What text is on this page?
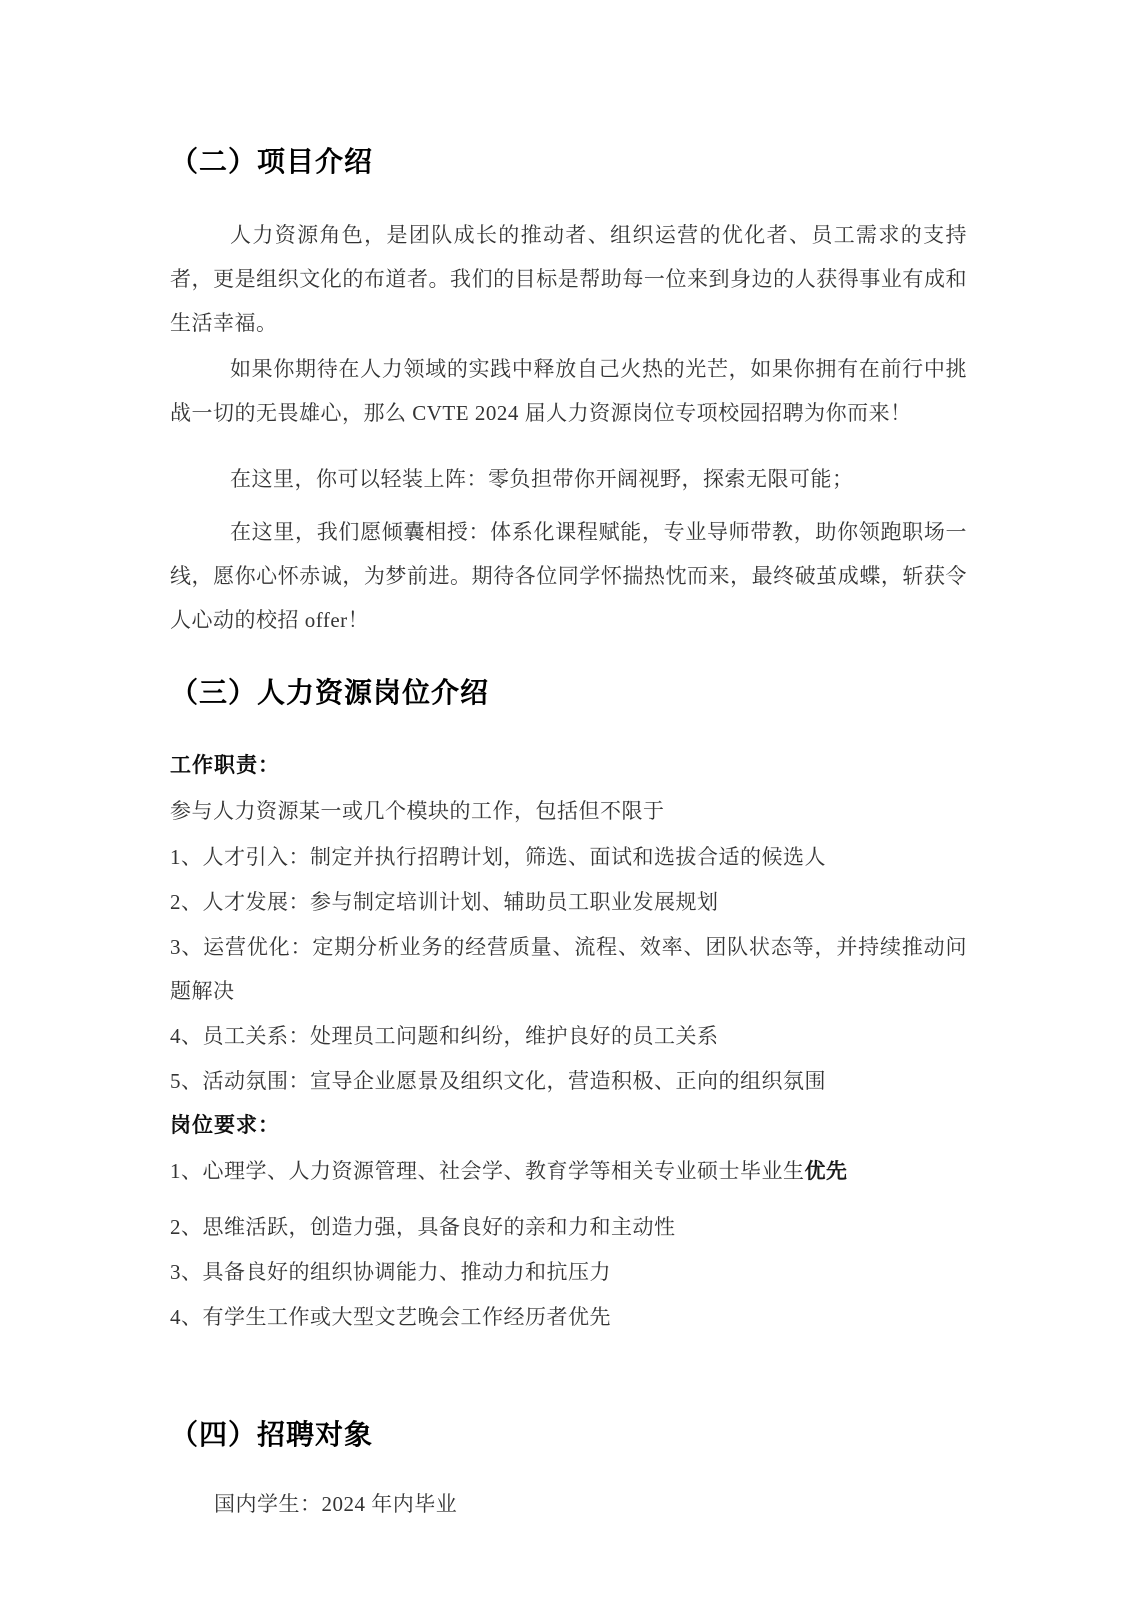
（二）项目介绍

人力资源角色，是团队成长的推动者、组织运营的优化者、员工需求的支持者，更是组织文化的布道者。我们的目标是帮助每一位来到身边的人获得事业有成和生活幸福。

如果你期待在人力领域的实践中释放自己火热的光芒，如果你拥有在前行中挑战一切的无畏雄心，那么 CVTE 2024 届人力资源岗位专项校园招聘为你而来！

在这里，你可以轻装上阵：零负担带你开阔视野，探索无限可能；

在这里，我们愿倾囊相授：体系化课程赋能，专业导师带教，助你领跑职场一线，愿你心怀赤诚，为梦前进。期待各位同学怀揣热忱而来，最终破茧成蝶，斩获令人心动的校招 offer！

（三）人力资源岗位介绍

工作职责：

参与人力资源某一或几个模块的工作，包括但不限于

1、人才引入：制定并执行招聘计划，筛选、面试和选拔合适的候选人

2、人才发展：参与制定培训计划、辅助员工职业发展规划

3、运营优化：定期分析业务的经营质量、流程、效率、团队状态等，并持续推动问题解决

4、员工关系：处理员工问题和纠纷，维护良好的员工关系

5、活动氛围：宣导企业愿景及组织文化，营造积极、正向的组织氛围

岗位要求：

1、心理学、人力资源管理、社会学、教育学等相关专业硕士毕业生优先

2、思维活跃，创造力强，具备良好的亲和力和主动性

3、具备良好的组织协调能力、推动力和抗压力

4、有学生工作或大型文艺晚会工作经历者优先

（四）招聘对象

国内学生：2024 年内毕业
